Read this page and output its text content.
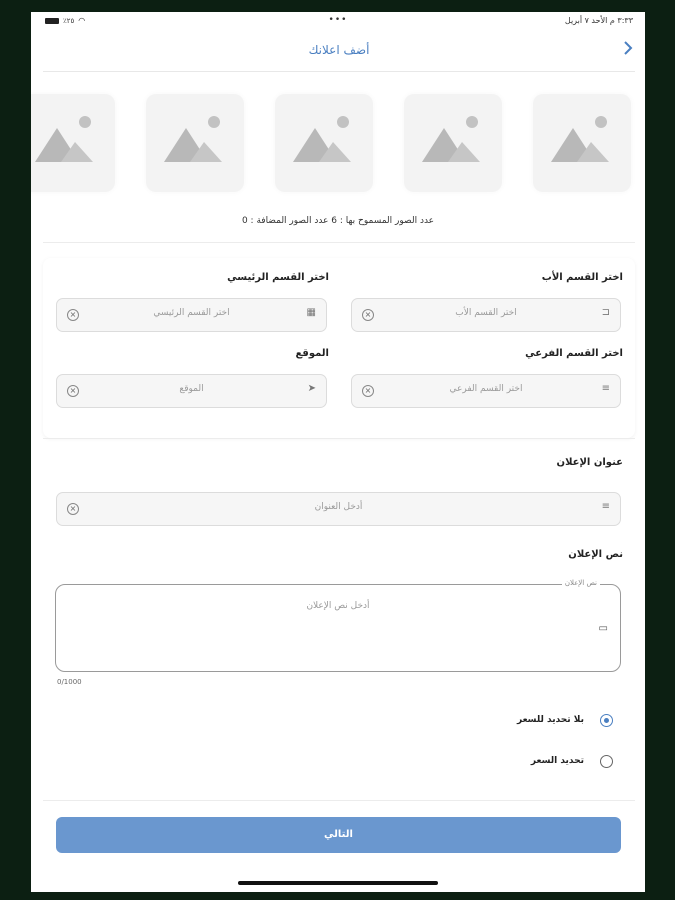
٪٢٥ ◠	•••	٣:٣٣ م الأحد ٧ أبريل
أضف اعلانك
عدد الصور المسموح بها : 6 عدد الصور المضافة : 0
اختر القسم الأب
×	اختر القسم الأب	⊐
اختر القسم الرئيسي
×	اختر القسم الرئيسي	▦
اختر القسم الفرعي
×	اختر القسم الفرعي	≡
الموقع
×	الموقع	➤
عنوان الإعلان
×	أدخل العنوان	≡
نص الإعلان
نص الإعلان
أدخل نص الإعلان
▭
0/1000
بلا تحديد للسعر
تحديد السعر
التالي
